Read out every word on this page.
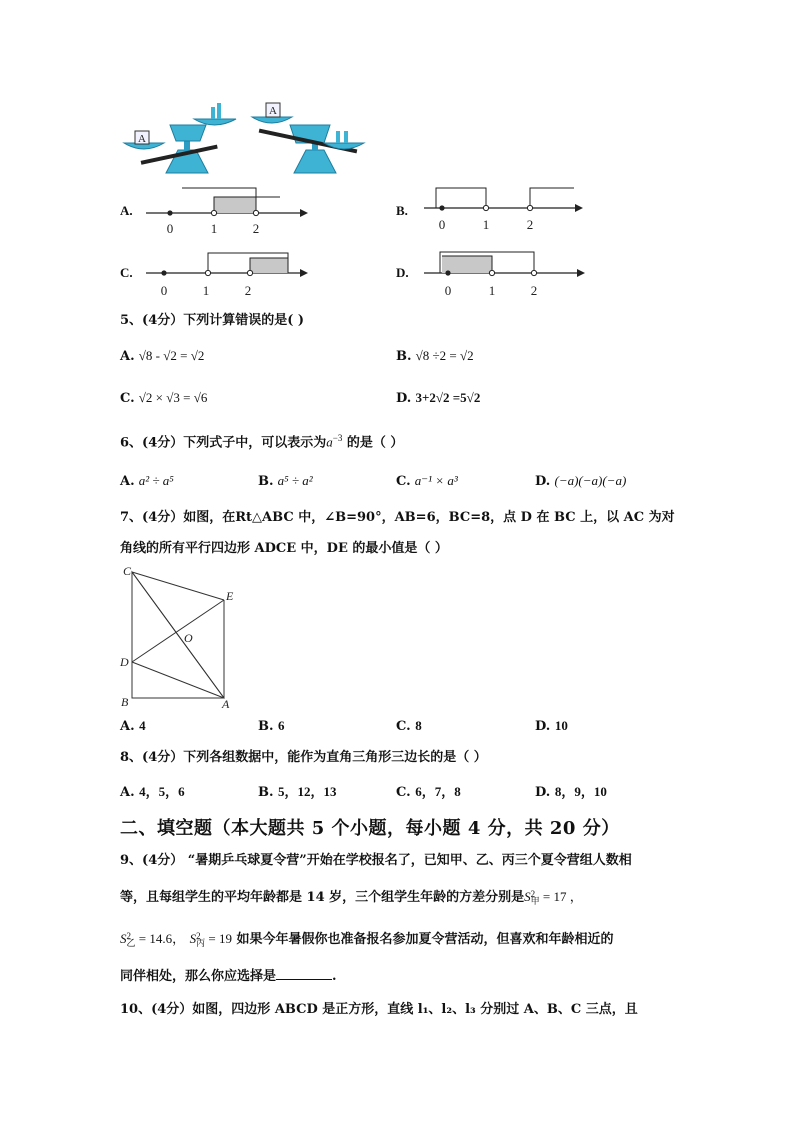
A
A
A.
0	1	2
B.
0	1	2
C.
0	1	2
D.
0	1	2
5、(4分）下列计算错误的是( )
A. √8 - √2 = √2	B. √8 ÷2 = √2
C. √2 × √3 = √6	D. 3+2√2 =5√2
6、(4分）下列式子中，可以表示为$a^{-3}$ 的是（ ）
A. a² ÷ a⁵	B. a⁵ ÷ a²	C. a⁻¹ × a³	D. (−a)(−a)(−a)
7、(4分）如图，在Rt△ABC 中，∠B=90°，AB=6，BC=8，点 D 在 BC 上，以 AC 为对
角线的所有平行四边形 ADCE 中，DE 的最小值是（ ）
C
E
O
D
B	A
A. 4	B. 6	C. 8	D. 10
8、(4分）下列各组数据中，能作为直角三角形三边长的是（ ）
A. 4，5，6	B. 5，12，13	C. 6，7，8	D. 8，9，10
二、填空题（本大题共 5 个小题，每小题 4 分，共 20 分）
9、(4分） “暑期乒乓球夏令营”开始在学校报名了，已知甲、乙、丙三个夏令营组人数相
等，且每组学生的平均年龄都是 14 岁，三个组学生年龄的方差分别是S 2
甲 = 17 ，
S 2
乙 = 14.6， S 2
丙 = 19 如果今年暑假你也准备报名参加夏令营活动，但喜欢和年龄相近的
同伴相处，那么你应选择是	.
10、(4分）如图，四边形 ABCD 是正方形，直线 l₁、l₂、l₃ 分别过 A、B、C 三点，且
